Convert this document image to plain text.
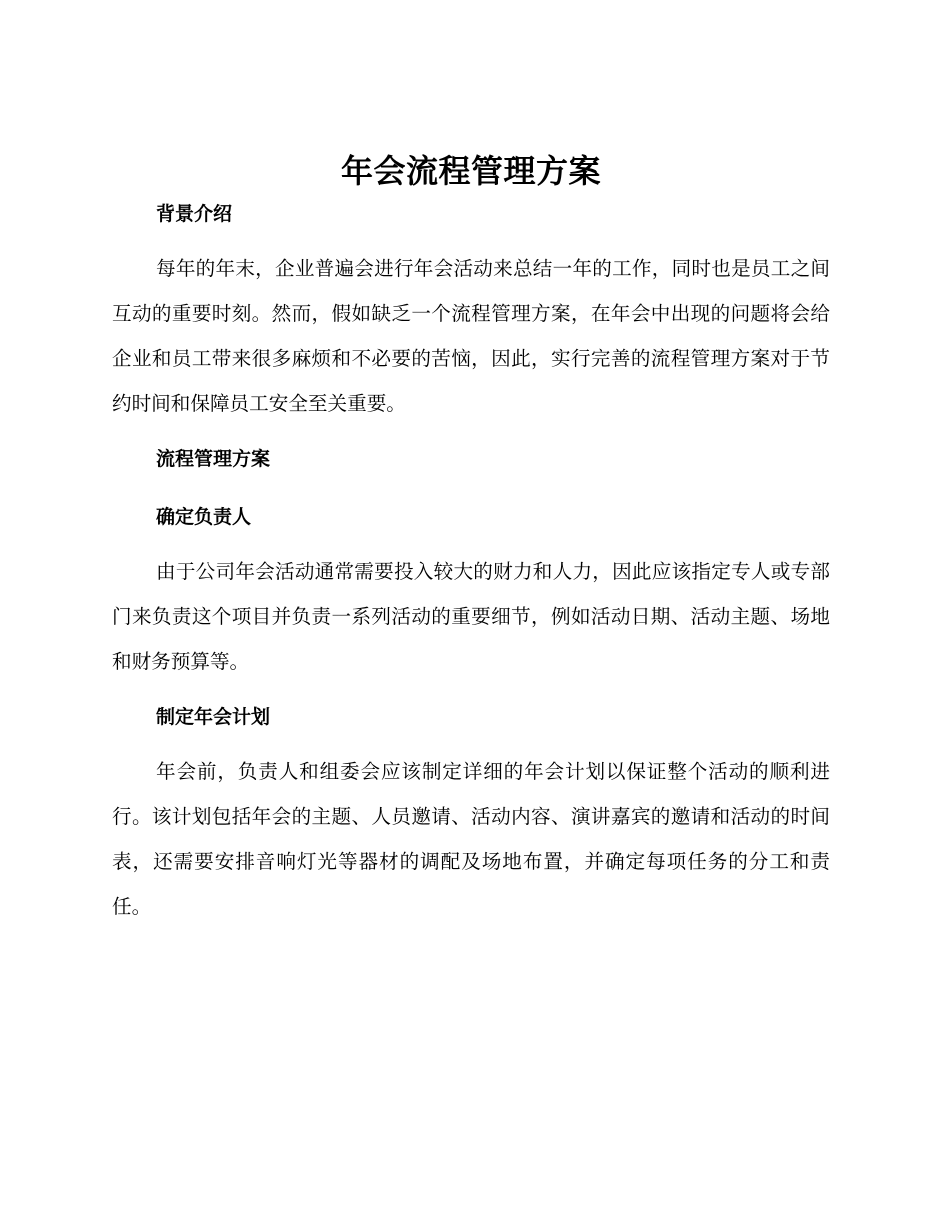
年会流程管理方案
背景介绍

每年的年末，企业普遍会进行年会活动来总结一年的工作，同时也是员工之间互动的重要时刻。然而，假如缺乏一个流程管理方案，在年会中出现的问题将会给企业和员工带来很多麻烦和不必要的苦恼，因此，实行完善的流程管理方案对于节约时间和保障员工安全至关重要。

流程管理方案
确定负责人

由于公司年会活动通常需要投入较大的财力和人力，因此应该指定专人或专部门来负责这个项目并负责一系列活动的重要细节，例如活动日期、活动主题、场地和财务预算等。

制定年会计划

年会前，负责人和组委会应该制定详细的年会计划以保证整个活动的顺利进行。该计划包括年会的主题、人员邀请、活动内容、演讲嘉宾的邀请和活动的时间表，还需要安排音响灯光等器材的调配及场地布置，并确定每项任务的分工和责任。
